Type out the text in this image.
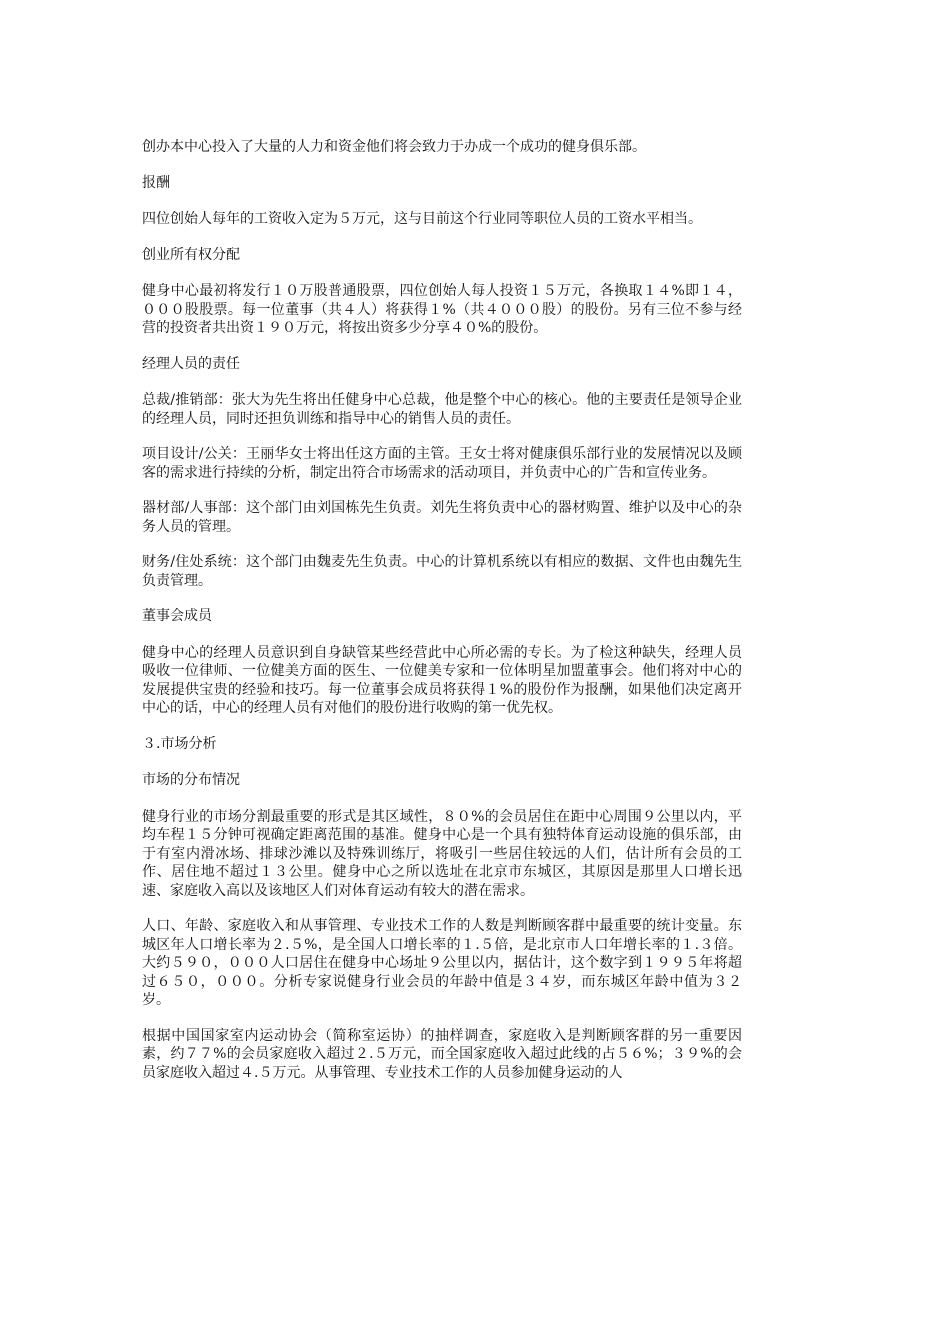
创办本中心投入了大量的人力和资金他们将会致力于办成一个成功的健身俱乐部。

报酬

四位创始人每年的工资收入定为５万元，这与目前这个行业同等职位人员的工资水平相当。

创业所有权分配

健身中心最初将发行１０万股普通股票，四位创始人每人投资１５万元，各换取１４%即１４，０００股股票。每一位董事（共４人）将获得１%（共４０００股）的股份。另有三位不参与经营的投资者共出资１９０万元，将按出资多少分享４０%的股份。

经理人员的责任

总裁/推销部：张大为先生将出任健身中心总裁，他是整个中心的核心。他的主要责任是领导企业的经理人员，同时还担负训练和指导中心的销售人员的责任。

项目设计/公关：王丽华女士将出任这方面的主管。王女士将对健康俱乐部行业的发展情况以及顾客的需求进行持续的分析，制定出符合市场需求的活动项目，并负责中心的广告和宣传业务。

器材部/人事部：这个部门由刘国栋先生负责。刘先生将负责中心的器材购置、维护以及中心的杂务人员的管理。

财务/住处系统：这个部门由魏麦先生负责。中心的计算机系统以有相应的数据、文件也由魏先生负责管理。

董事会成员

健身中心的经理人员意识到自身缺管某些经营此中心所必需的专长。为了检这种缺失，经理人员吸收一位律师、一位健美方面的医生、一位健美专家和一位体明星加盟董事会。他们将对中心的发展提供宝贵的经验和技巧。每一位董事会成员将获得１%的股份作为报酬，如果他们决定离开中心的话，中心的经理人员有对他们的股份进行收购的第一优先权。

３.市场分析

市场的分布情况

健身行业的市场分割最重要的形式是其区域性，８０%的会员居住在距中心周围９公里以内，平均车程１５分钟可视确定距离范围的基准。健身中心是一个具有独特体育运动设施的俱乐部，由于有室内滑冰场、排球沙滩以及特殊训练厅，将吸引一些居住较远的人们，估计所有会员的工作、居住地不超过１３公里。健身中心之所以选址在北京市东城区，其原因是那里人口增长迅速、家庭收入高以及该地区人们对体育运动有较大的潜在需求。

人口、年龄、家庭收入和从事管理、专业技术工作的人数是判断顾客群中最重要的统计变量。东城区年人口增长率为２.５%，是全国人口增长率的１.５倍，是北京市人口年增长率的１.３倍。大约５９０，０００人口居住在健身中心场址９公里以内，据估计，这个数字到１９９５年将超过６５０，０００。分析专家说健身行业会员的年龄中值是３４岁，而东城区年龄中值为３２岁。

根据中国国家室内运动协会（简称室运协）的抽样调查，家庭收入是判断顾客群的另一重要因素，约７７%的会员家庭收入超过２.５万元，而全国家庭收入超过此线的占５６%；３９%的会员家庭收入超过４.５万元。从事管理、专业技术工作的人员参加健身运动的人
